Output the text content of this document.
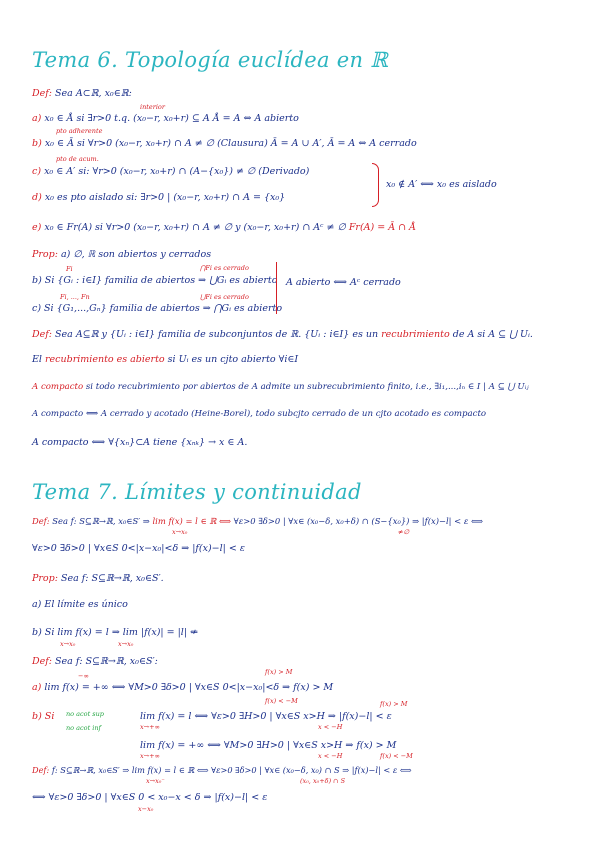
Tema 6. Topología euclídea en ℝ
Def: Sea A⊂ℝ, x₀∈ℝ:
interior
a) x₀ ∈ Å si ∃r>0 t.q. (x₀−r, x₀+r) ⊆ A Å = A ⇔ A abierto
pto adherente
b) x₀ ∈ Ā si ∀r>0 (x₀−r, x₀+r) ∩ A ≠ ∅ (Clausura) Ā = A ∪ A′, Ā = A ⇔ A cerrado
pto de acum.
c) x₀ ∈ A′ si: ∀r>0 (x₀−r, x₀+r) ∩ (A−{x₀}) ≠ ∅ (Derivado)
d) x₀ es pto aislado si: ∃r>0 | (x₀−r, x₀+r) ∩ A = {x₀}
x₀ ∉ A′ ⟺ x₀ es aislado
e) x₀ ∈ Fr(A) si ∀r>0 (x₀−r, x₀+r) ∩ A ≠ ∅ y (x₀−r, x₀+r) ∩ Aᶜ ≠ ∅ Fr(A) = Ā ∩ Å
Prop: a) ∅, ℝ son abiertos y cerrados
Fi
b) Si {Gᵢ : i∈I} familia de abiertos ⇒ ⋃Gᵢ es abierto
⋂Fi es cerrado
Fi, ..., Fn
c) Si {G₁,...,Gₙ} familia de abiertos ⇒ ⋂Gᵢ es abierto
⋃Fi es cerrado
A abierto ⟺ Aᶜ cerrado
Def: Sea A⊆ℝ y {Uᵢ : i∈I} familia de subconjuntos de ℝ. {Uᵢ : i∈I} es un recubrimiento de A si A ⊆ ⋃ Uᵢ.
El recubrimiento es abierto si Uᵢ es un cjto abierto ∀i∈I
A compacto si todo recubrimiento por abiertos de A admite un subrecubrimiento finito, i.e., ∃i₁,...,iₙ ∈ I | A ⊆ ⋃ Uᵢⱼ
A compacto ⟺ A cerrado y acotado (Heine-Borel), todo subcjto cerrado de un cjto acotado es compacto
A compacto ⟺ ∀{xₙ}⊂A tiene {xₙₖ} → x ∈ A.
Tema 7. Límites y continuidad
Def: Sea f: S⊆ℝ→ℝ, x₀∈S′ ⇒ lim f(x) = l ∈ ℝ ⟺ ∀ε>0 ∃δ>0 | ∀x∈ (x₀−δ, x₀+δ) ∩ (S−{x₀}) ⇒ |f(x)−l| < ε ⟺
x→x₀	≠∅
∀ε>0 ∃δ>0 | ∀x∈S 0<|x−x₀|<δ ⇒ |f(x)−l| < ε
Prop: Sea f: S⊆ℝ→ℝ, x₀∈S′.
a) El límite es único
b) Si lim f(x) = l ⇒ lim |f(x)| = |l| ⇍
x→x₀	x→x₀
Def: Sea f: S⊆ℝ→ℝ, x₀∈S′:
−∞	f(x) > M
a) lim f(x) = +∞ ⟺ ∀M>0 ∃δ>0 | ∀x∈S 0<|x−x₀|<δ ⇒ f(x) > M
f(x) < −M
b) Si no acot sup
no acot inf
lim f(x) = l ⟺ ∀ε>0 ∃H>0 | ∀x∈S x>H ⇒ |f(x)−l| < ε
x→+∞	x < −H
f(x) > M
lim f(x) = +∞ ⟺ ∀M>0 ∃H>0 | ∀x∈S x>H ⇒ f(x) > M
x→+∞	x < −H	f(x) < −M
Def: f: S⊆ℝ→ℝ, x₀∈S′ ⇒ lim f(x) = l ∈ ℝ ⟺ ∀ε>0 ∃δ>0 | ∀x∈ (x₀−δ, x₀) ∩ S ⇒ |f(x)−l| < ε ⟺
x→x₀⁻	(x₀, x₀+δ) ∩ S
⟺ ∀ε>0 ∃δ>0 | ∀x∈S 0 < x₀−x < δ ⇒ |f(x)−l| < ε
x−x₀
